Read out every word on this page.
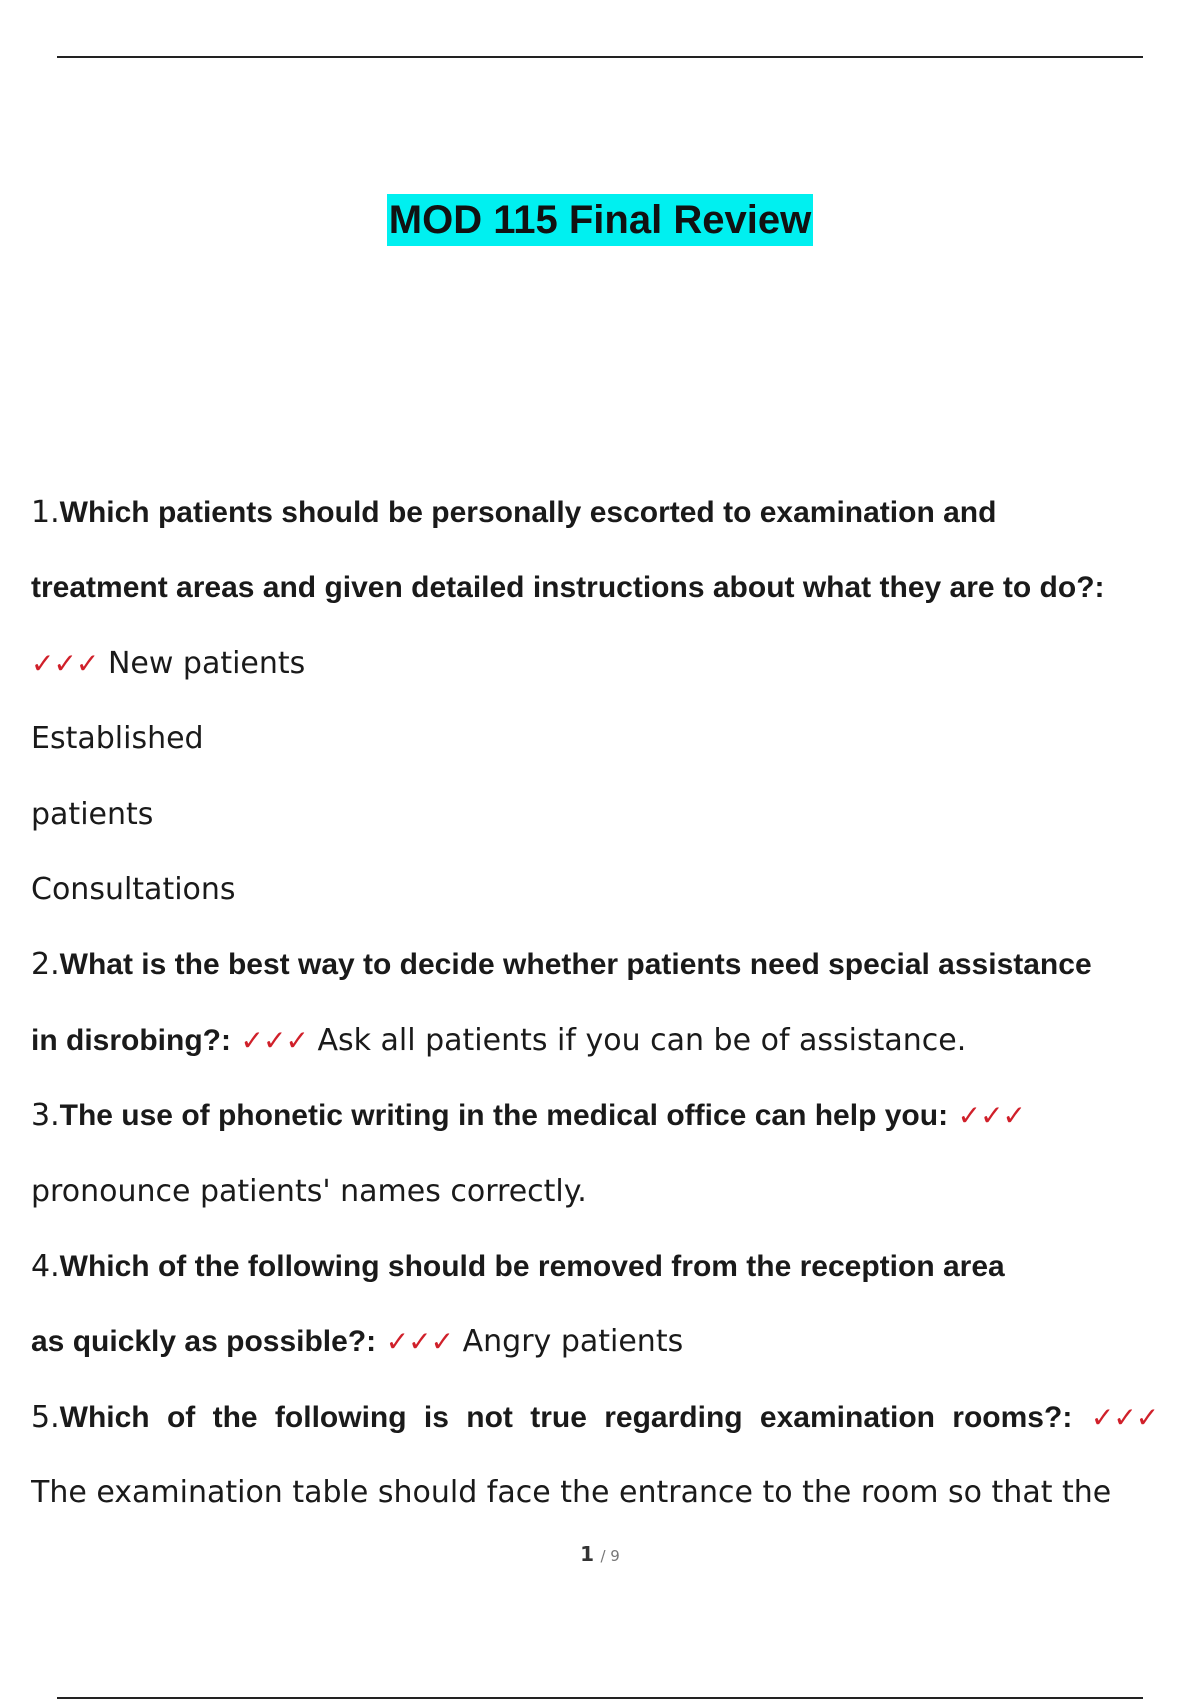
MOD 115 Final Review
1.Which patients should be personally escorted to examination and
treatment areas and given detailed instructions about what they are to do?:
✓✓✓ New patients
Established
patients
Consultations
2.What is the best way to decide whether patients need special assistance
in disrobing?: ✓✓✓ Ask all patients if you can be of assistance.
3.The use of phonetic writing in the medical office can help you: ✓✓✓
pronounce patients' names correctly.
4.Which of the following should be removed from the reception area
as quickly as possible?: ✓✓✓ Angry patients
5.Which of the following is not true regarding examination rooms?: ✓✓✓
The examination table should face the entrance to the room so that the
1 / 9
